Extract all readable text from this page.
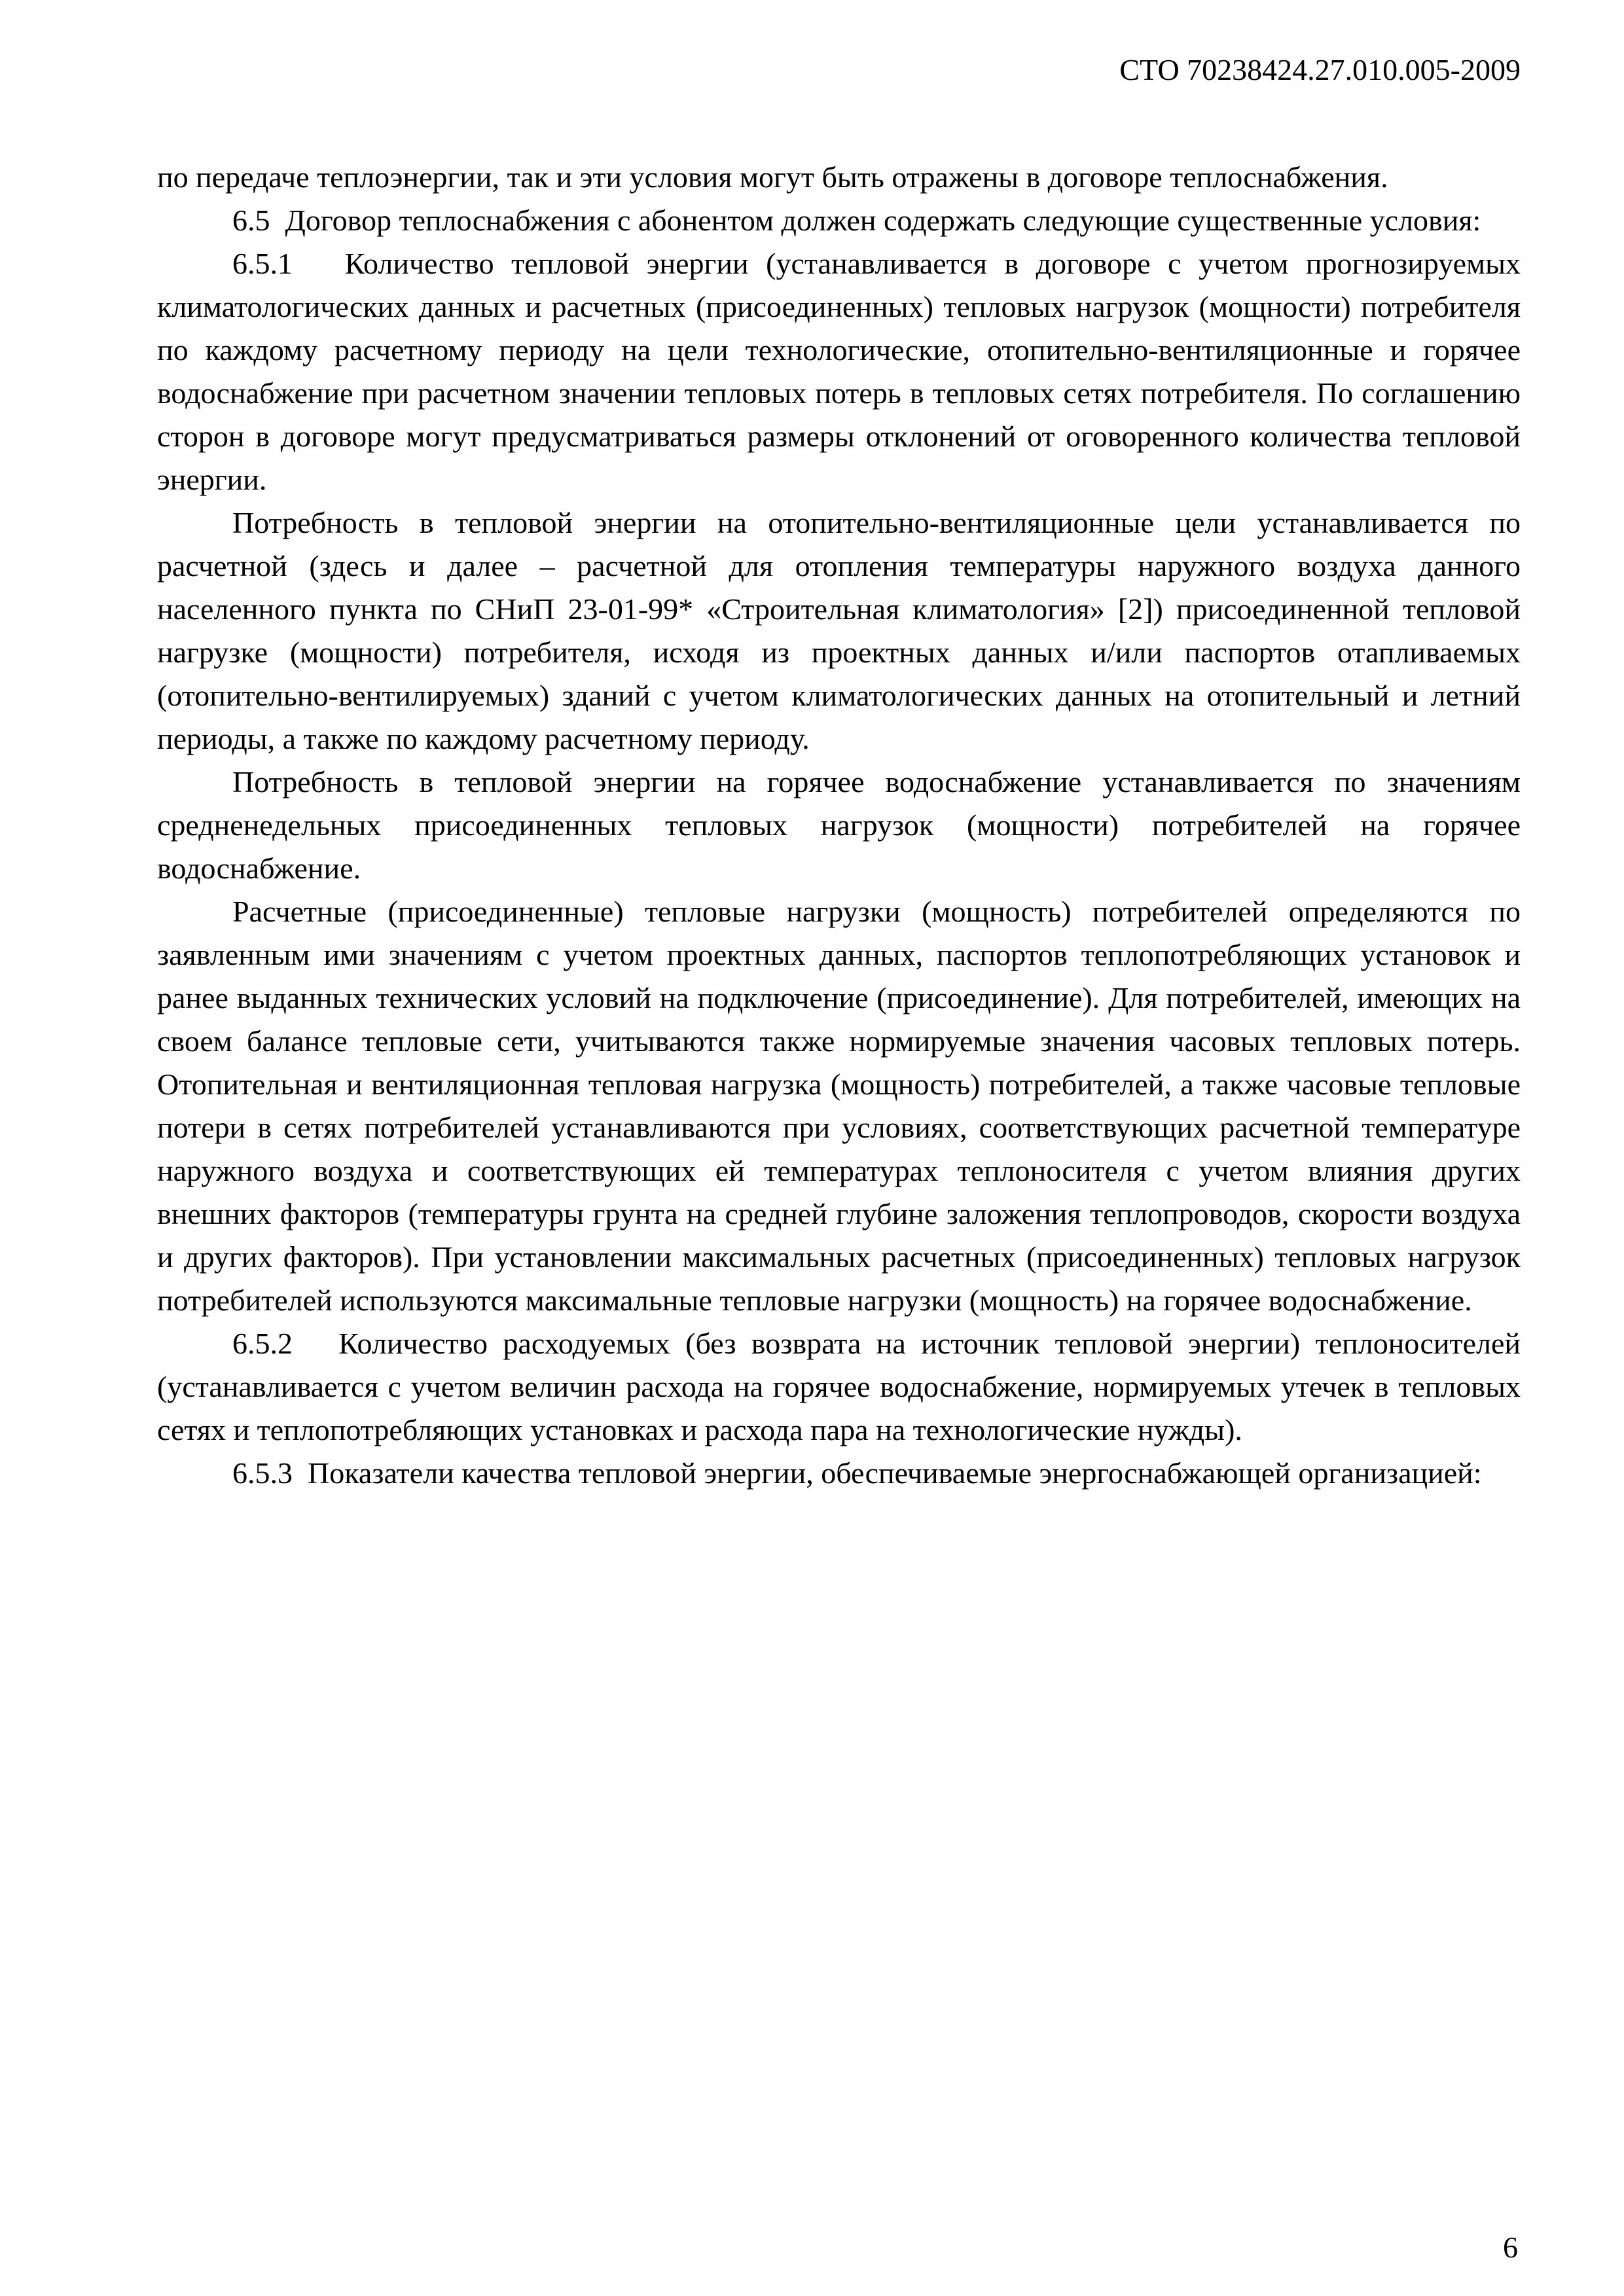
СТО 70238424.27.010.005-2009

по передаче теплоэнергии, так и эти условия могут быть отражены в договоре теплоснабжения.

6.5  Договор теплоснабжения с абонентом должен содержать следующие существенные условия:

6.5.1   Количество тепловой энергии (устанавливается в договоре с учетом прогнозируемых климатологических данных и расчетных (присоединенных) тепловых нагрузок (мощности) потребителя по каждому расчетному периоду на цели технологические, отопительно-вентиляционные и горячее водоснабжение при расчетном значении тепловых потерь в тепловых сетях потребителя. По соглашению сторон в договоре могут предусматриваться размеры отклонений от оговоренного количества тепловой энергии.

Потребность в тепловой энергии на отопительно-вентиляционные цели устанавливается по расчетной (здесь и далее – расчетной для отопления температуры наружного воздуха данного населенного пункта по СНиП 23-01-99* «Строительная климатология» [2]) присоединенной тепловой нагрузке (мощности) потребителя, исходя из проектных данных и/или паспортов отапливаемых (отопительно-вентилируемых) зданий с учетом климатологических данных на отопительный и летний периоды, а также по каждому расчетному периоду.

Потребность в тепловой энергии на горячее водоснабжение устанавливается по значениям средненедельных присоединенных тепловых нагрузок (мощности) потребителей на горячее водоснабжение.

Расчетные (присоединенные) тепловые нагрузки (мощность) потребителей определяются по заявленным ими значениям с учетом проектных данных, паспортов теплопотребляющих установок и ранее выданных технических условий на подключение (присоединение). Для потребителей, имеющих на своем балансе тепловые сети, учитываются также нормируемые значения часовых тепловых потерь. Отопительная и вентиляционная тепловая нагрузка (мощность) потребителей, а также часовые тепловые потери в сетях потребителей устанавливаются при условиях, соответствующих расчетной температуре наружного воздуха и соответствующих ей температурах теплоносителя с учетом влияния других внешних факторов (температуры грунта на средней глубине заложения теплопроводов, скорости воздуха и других факторов). При установлении максимальных расчетных (присоединенных) тепловых нагрузок потребителей используются максимальные тепловые нагрузки (мощность) на горячее водоснабжение.

6.5.2   Количество расходуемых (без возврата на источник тепловой энергии) теплоносителей (устанавливается с учетом величин расхода на горячее водоснабжение, нормируемых утечек в тепловых сетях и теплопотребляющих установках и расхода пара на технологические нужды).

6.5.3  Показатели качества тепловой энергии, обеспечиваемые энергоснабжающей организацией:

6
